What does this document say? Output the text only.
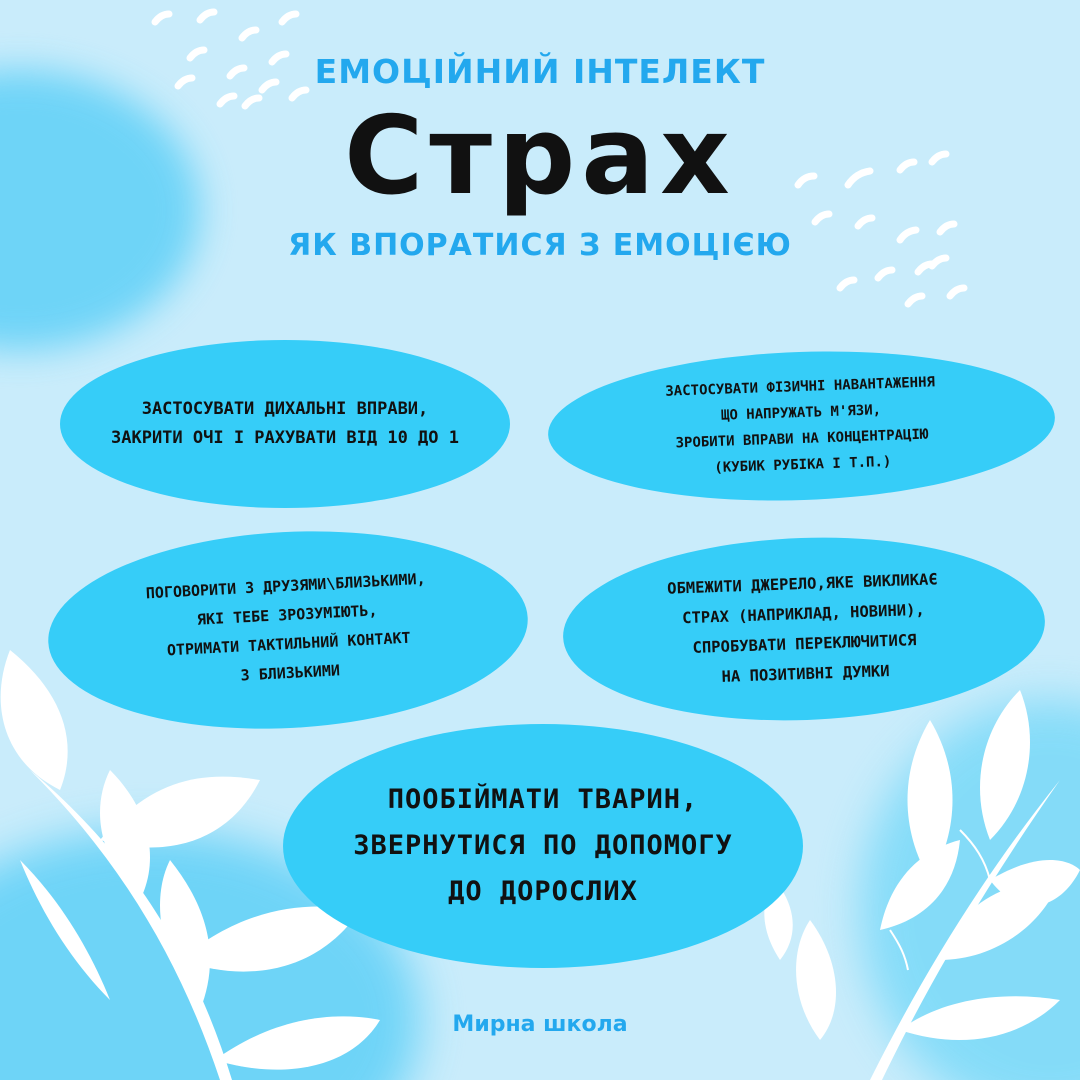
ЕМОЦІЙНИЙ ІНТЕЛЕКТ

Страх

ЯК ВПОРАТИСЯ З ЕМОЦІЄЮ

ЗАСТОСУВАТИ ДИХАЛЬНІ ВПРАВИ,
ЗАКРИТИ ОЧІ І РАХУВАТИ ВІД 10 ДО 1
ЗАСТОСУВАТИ ФІЗИЧНІ НАВАНТАЖЕННЯ
ЩО НАПРУЖАТЬ М'ЯЗИ,
ЗРОБИТИ ВПРАВИ НА КОНЦЕНТРАЦІЮ
(КУБИК РУБІКА І Т.П.)
ПОГОВОРИТИ З ДРУЗЯМИ\БЛИЗЬКИМИ,
ЯКІ ТЕБЕ ЗРОЗУМІЮТЬ,
ОТРИМАТИ ТАКТИЛЬНИЙ КОНТАКТ
З БЛИЗЬКИМИ
ОБМЕЖИТИ ДЖЕРЕЛО,ЯКЕ ВИКЛИКАЄ
СТРАХ (НАПРИКЛАД, НОВИНИ),
СПРОБУВАТИ ПЕРЕКЛЮЧИТИСЯ
НА ПОЗИТИВНІ ДУМКИ
ПООБІЙМАТИ ТВАРИН,
ЗВЕРНУТИСЯ ПО ДОПОМОГУ
ДО ДОРОСЛИХ
Мирна школа
